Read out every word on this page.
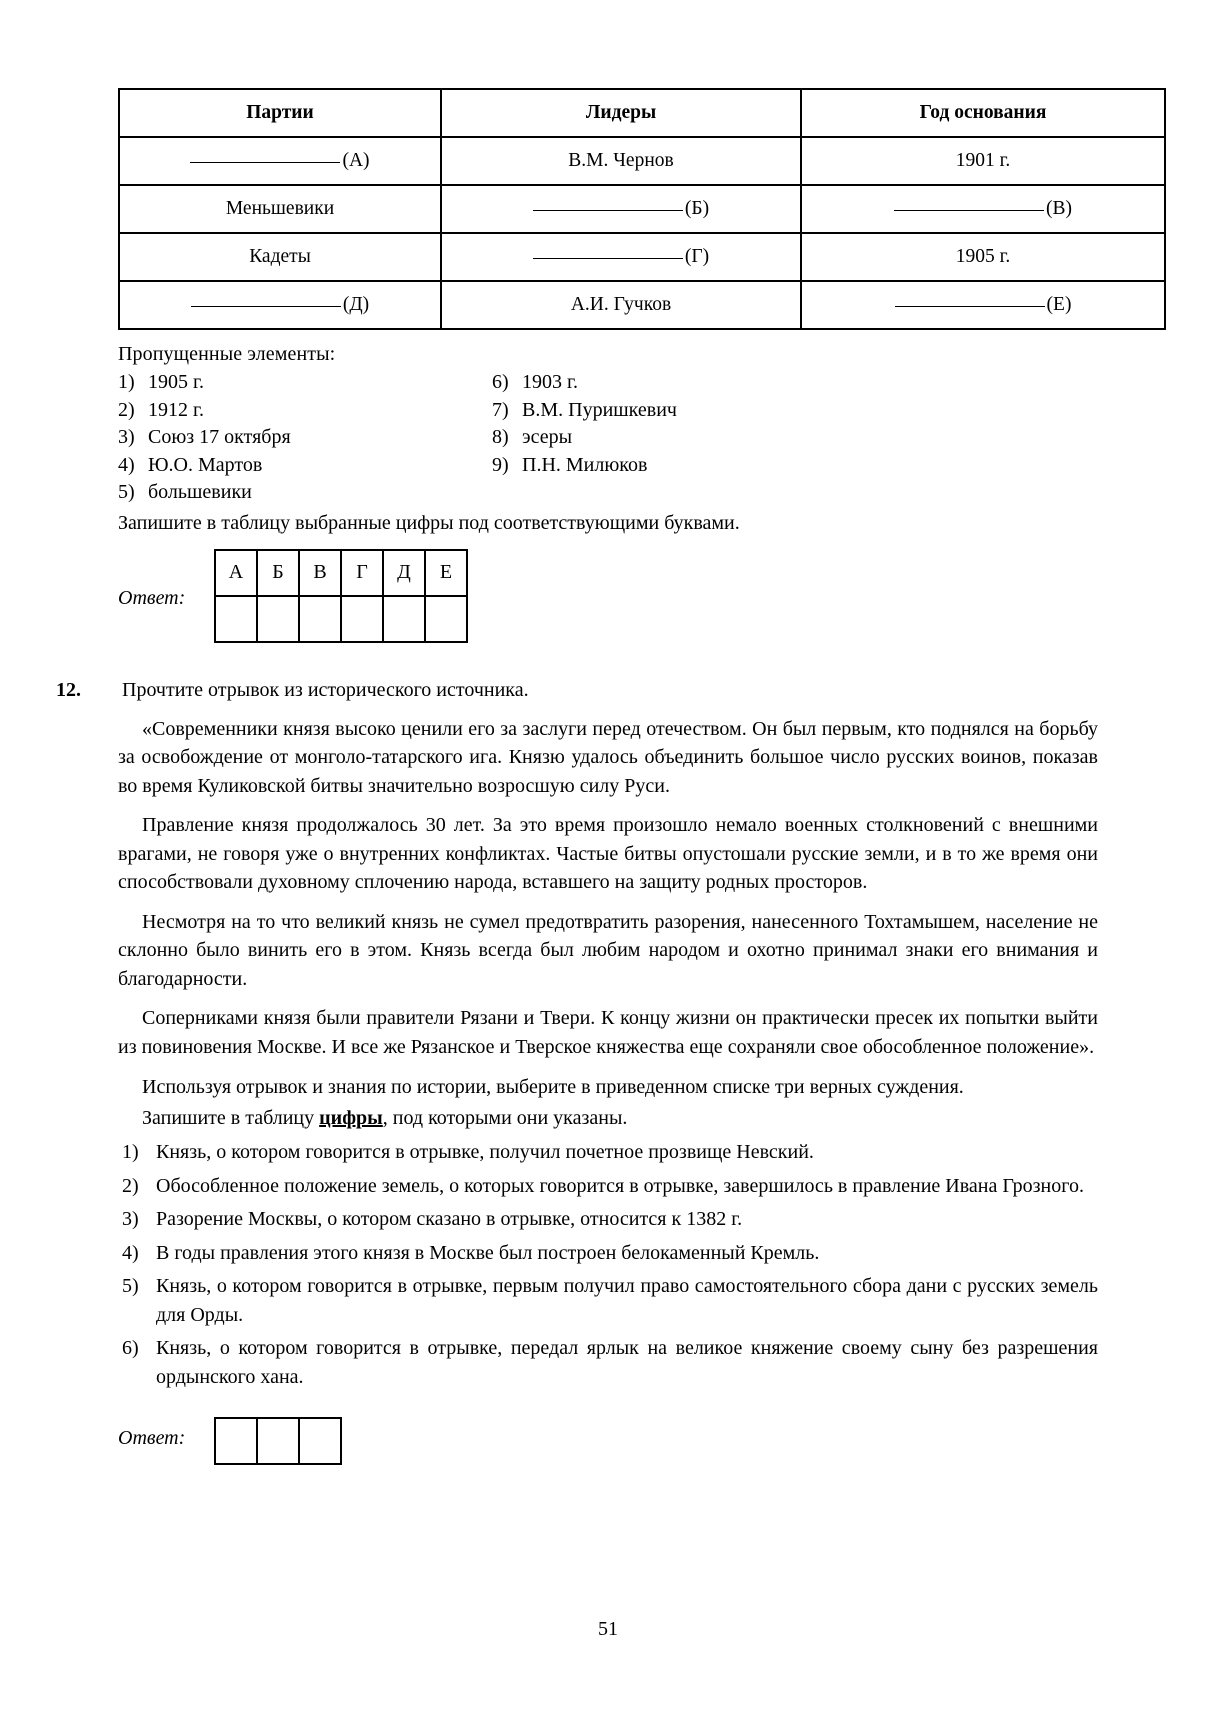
Партии	Лидеры	Год основания
(А)	В.М. Чернов	1901 г.
Меньшевики	(Б)	(В)
Кадеты	(Г)	1905 г.
(Д)	А.И. Гучков	(Е)
Пропущенные элементы:
1) 1905 г.
2) 1912 г.
3) Союз 17 октября
4) Ю.О. Мартов
5) большевики

6) 1903 г.
7) В.М. Пуришкевич
8) эсеры
9) П.Н. Милюков
Запишите в таблицу выбранные цифры под соответствующими буквами.
Ответ:
А	Б	В	Г	Д	Е

12. Прочтите отрывок из исторического источника.

«Современники князя высоко ценили его за заслуги перед отечеством. Он был первым, кто поднялся на борьбу за освобождение от монголо-татарского ига. Князю удалось объединить большое число русских воинов, показав во время Куликовской битвы значительно возросшую силу Руси.

Правление князя продолжалось 30 лет. За это время произошло немало военных столкновений с внешними врагами, не говоря уже о внутренних конфликтах. Частые битвы опустошали русские земли, и в то же время они способствовали духовному сплочению народа, вставшего на защиту родных просторов.

Несмотря на то что великий князь не сумел предотвратить разорения, нанесенного Тохтамышем, население не склонно было винить его в этом. Князь всегда был любим народом и охотно принимал знаки его внимания и благодарности.

Соперниками князя были правители Рязани и Твери. К концу жизни он практически пресек их попытки выйти из повиновения Москве. И все же Рязанское и Тверское княжества еще сохраняли свое обособленное положение».

Используя отрывок и знания по истории, выберите в приведенном списке три верных суждения.
Запишите в таблицу цифры, под которыми они указаны.
1) Князь, о котором говорится в отрывке, получил почетное прозвище Невский.
2) Обособленное положение земель, о которых говорится в отрывке, завершилось в правление Ивана Грозного.
3) Разорение Москвы, о котором сказано в отрывке, относится к 1382 г.
4) В годы правления этого князя в Москве был построен белокаменный Кремль.
5) Князь, о котором говорится в отрывке, первым получил право самостоятельного сбора дани с русских земель для Орды.
6) Князь, о котором говорится в отрывке, передал ярлык на великое княжение своему сыну без разрешения ордынского хана.
Ответ:

51
